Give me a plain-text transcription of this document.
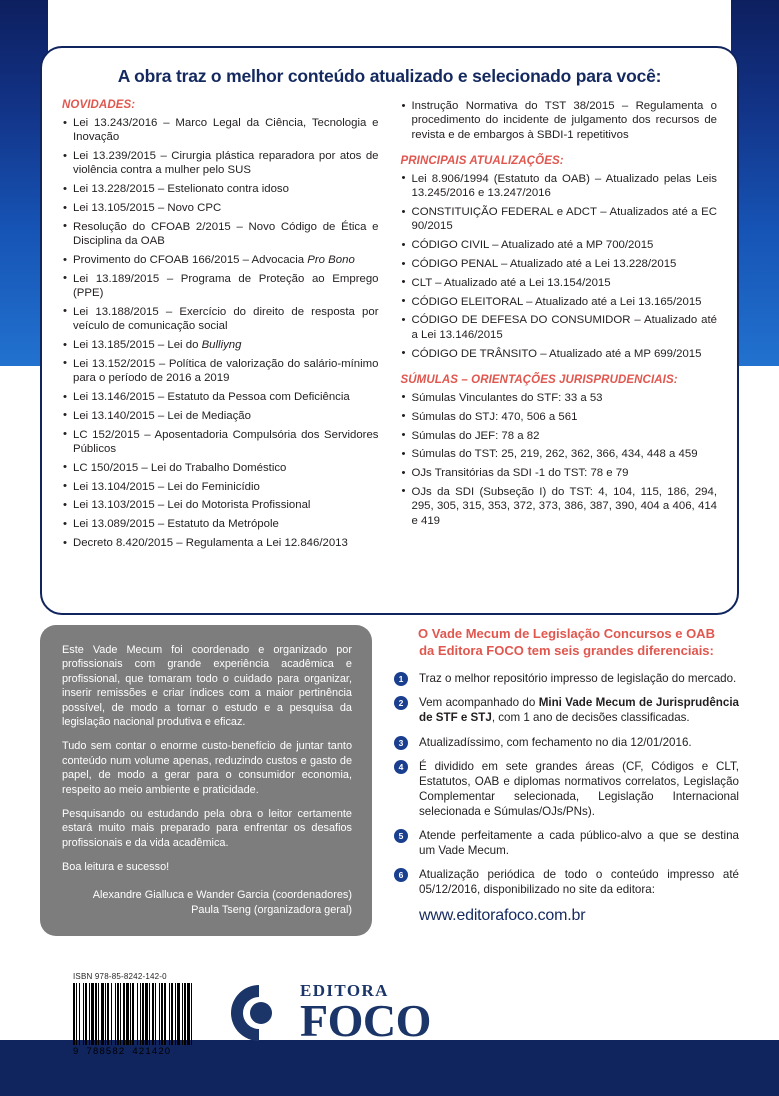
A obra traz o melhor conteúdo atualizado e selecionado para você:
NOVIDADES:
• Lei 13.243/2016 – Marco Legal da Ciência, Tecnologia e Inovação
• Lei 13.239/2015 – Cirurgia plástica reparadora por atos de violência contra a mulher pelo SUS
• Lei 13.228/2015 – Estelionato contra idoso
• Lei 13.105/2015 – Novo CPC
• Resolução do CFOAB 2/2015 – Novo Código de Ética e Disciplina da OAB
• Provimento do CFOAB 166/2015 – Advocacia Pro Bono
• Lei 13.189/2015 – Programa de Proteção ao Emprego (PPE)
• Lei 13.188/2015 – Exercício do direito de resposta por veículo de comunicação social
• Lei 13.185/2015 – Lei do Bulliyng
• Lei 13.152/2015 – Política de valorização do salário-mínimo para o período de 2016 a 2019
• Lei 13.146/2015 – Estatuto da Pessoa com Deficiência
• Lei 13.140/2015 – Lei de Mediação
• LC 152/2015 – Aposentadoria Compulsória dos Servidores Públicos
• LC 150/2015 – Lei do Trabalho Doméstico
• Lei 13.104/2015 – Lei do Feminicídio
• Lei 13.103/2015 – Lei do Motorista Profissional
• Lei 13.089/2015 – Estatuto da Metrópole
• Decreto 8.420/2015 – Regulamenta a Lei 12.846/2013
• Instrução Normativa do TST 38/2015 – Regulamenta o procedimento do incidente de julgamento dos recursos de revista e de embargos à SBDI-1 repetitivos
PRINCIPAIS ATUALIZAÇÕES:
• Lei 8.906/1994 (Estatuto da OAB) – Atualizado pelas Leis 13.245/2016 e 13.247/2016
• CONSTITUIÇÃO FEDERAL e ADCT – Atualizados até a EC 90/2015
• CÓDIGO CIVIL – Atualizado até a MP 700/2015
• CÓDIGO PENAL – Atualizado até a Lei 13.228/2015
• CLT – Atualizado até a Lei 13.154/2015
• CÓDIGO ELEITORAL – Atualizado até a Lei 13.165/2015
• CÓDIGO DE DEFESA DO CONSUMIDOR – Atualizado até a Lei 13.146/2015
• CÓDIGO DE TRÂNSITO – Atualizado até a MP 699/2015
SÚMULAS – ORIENTAÇÕES JURISPRUDENCIAIS:
• Súmulas Vinculantes do STF: 33 a 53
• Súmulas do STJ: 470, 506 a 561
• Súmulas do JEF: 78 a 82
• Súmulas do TST: 25, 219, 262, 362, 366, 434, 448 a 459
• OJs Transitórias da SDI -1 do TST: 78 e 79
• OJs da SDI (Subseção I) do TST: 4, 104, 115, 186, 294, 295, 305, 315, 353, 372, 373, 386, 387, 390, 404 a 406, 414 e 419

Este Vade Mecum foi coordenado e organizado por profissionais com grande experiência acadêmica e profissional, que tomaram todo o cuidado para organizar, inserir remissões e criar índices com a maior pertinência possível, de modo a tornar o estudo e a pesquisa da legislação nacional produtiva e eficaz.

Tudo sem contar o enorme custo-benefício de juntar tanto conteúdo num volume apenas, reduzindo custos e gasto de papel, de modo a gerar para o consumidor economia, respeito ao meio ambiente e praticidade.

Pesquisando ou estudando pela obra o leitor certamente estará muito mais preparado para enfrentar os desafios profissionais e da vida acadêmica.

Boa leitura e sucesso!

Alexandre Gialluca e Wander Garcia (coordenadores)
Paula Tseng (organizadora geral)

O Vade Mecum de Legislação Concursos e OAB
da Editora FOCO tem seis grandes diferenciais:
1	Traz o melhor repositório impresso de legislação do mercado.
2	Vem acompanhado do Mini Vade Mecum de Jurisprudência de STF e STJ, com 1 ano de decisões classificadas.
3	Atualizadíssimo, com fechamento no dia 12/01/2016.
4	É dividido em sete grandes áreas (CF, Códigos e CLT, Estatutos, OAB e diplomas normativos correlatos, Legislação Complementar selecionada, Legislação Internacional selecionada e Súmulas/OJs/PNs).
5	Atende perfeitamente a cada público-alvo a que se destina um Vade Mecum.
6	Atualização periódica de todo o conteúdo impresso até 05/12/2016, disponibilizado no site da editora:
www.editorafoco.com.br
ISBN 978-85-8242-142-0
9 788582 421420
EDITORA
FOCO
